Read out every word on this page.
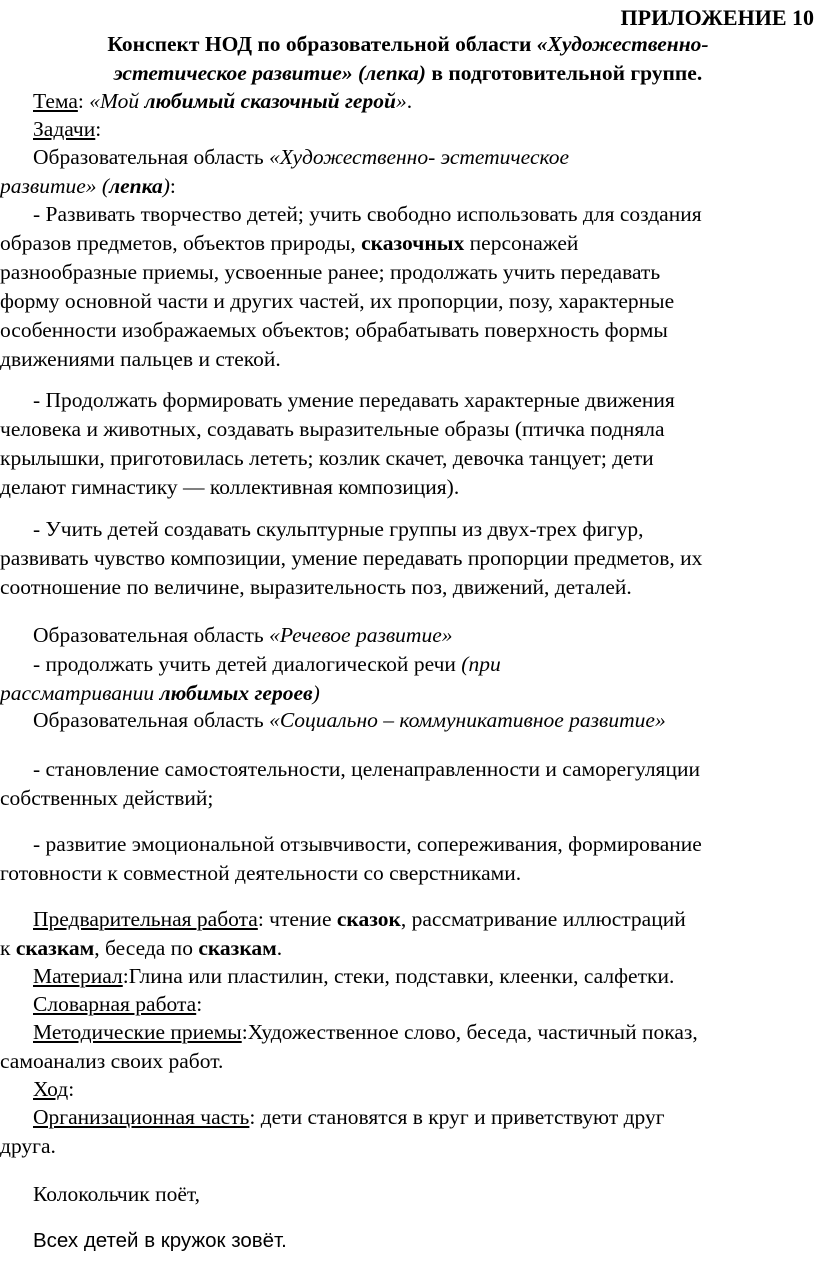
ПРИЛОЖЕНИЕ 10
Конспект НОД по образовательной области «Художественно-
эстетическое развитие» (лепка) в подготовительной группе.

Тема: «Мой любимый сказочный герой».

Задачи:

Образовательная область «Художественно- эстетическое

развитие» (лепка):

- Развивать творчество детей; учить свободно использовать для создания

образов предметов, объектов природы, сказочных персонажей

разнообразные приемы, усвоенные ранее; продолжать учить передавать

форму основной части и других частей, их пропорции, позу, характерные

особенности изображаемых объектов; обрабатывать поверхность формы

движениями пальцев и стекой.

- Продолжать формировать умение передавать характерные движения

человека и животных, создавать выразительные образы (птичка подняла

крылышки, приготовилась лететь; козлик скачет, девочка танцует; дети

делают гимнастику — коллективная композиция).

- Учить детей создавать скульптурные группы из двух-трех фигур,

развивать чувство композиции, умение передавать пропорции предметов, их

соотношение по величине, выразительность поз, движений, деталей.

Образовательная область «Речевое развитие»

- продолжать учить детей диалогической речи (при

рассматривании любимых героев)

Образовательная область «Социально – коммуникативное развитие»

- становление самостоятельности, целенаправленности и саморегуляции

собственных действий;

- развитие эмоциональной отзывчивости, сопереживания, формирование

готовности к совместной деятельности со сверстниками.

Предварительная работа: чтение сказок, рассматривание иллюстраций

к сказкам, беседа по сказкам.

Материал:Глина или пластилин, стеки, подставки, клеенки, салфетки.

Словарная работа:

Методические приемы:Художественное слово, беседа, частичный показ,

самоанализ своих работ.

Ход:

Организационная часть: дети становятся в круг и приветствуют друг

друга.

Колокольчик поёт,

Всех детей в кружок зовёт.
